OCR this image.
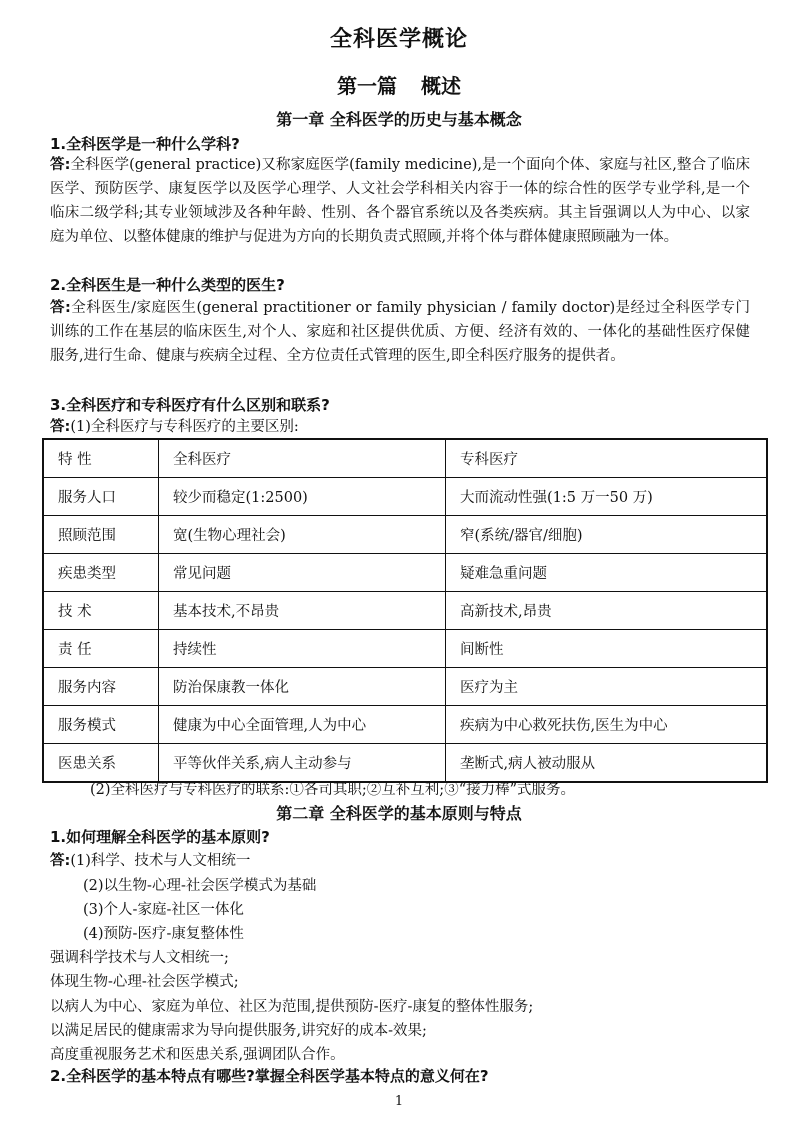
全科医学概论
第一篇 概述
第一章 全科医学的历史与基本概念
1.全科医学是一种什么学科?
答:全科医学(general practice)又称家庭医学(family medicine),是一个面向个体、家庭与社区,整合了临床医学、预防医学、康复医学以及医学心理学、人文社会学科相关内容于一体的综合性的医学专业学科,是一个临床二级学科;其专业领域涉及各种年龄、性别、各个器官系统以及各类疾病。其主旨强调以人为中心、以家庭为单位、以整体健康的维护与促进为方向的长期负责式照顾,并将个体与群体健康照顾融为一体。
2.全科医生是一种什么类型的医生?
答:全科医生/家庭医生(general practitioner or family physician / family doctor)是经过全科医学专门训练的工作在基层的临床医生,对个人、家庭和社区提供优质、方便、经济有效的、一体化的基础性医疗保健服务,进行生命、健康与疾病全过程、全方位责任式管理的医生,即全科医疗服务的提供者。
3.全科医疗和专科医疗有什么区别和联系?
答:(1)全科医疗与专科医疗的主要区别:
特 性	全科医疗	专科医疗
服务人口	较少而稳定(1:2500)	大而流动性强(1:5 万一50 万)
照顾范围	宽(生物心理社会)	窄(系统/器官/细胞)
疾患类型	常见问题	疑难急重问题
技 术	基本技术,不昂贵	高新技术,昂贵
责 任	持续性	间断性
服务内容	防治保康教一体化	医疗为主
服务模式	健康为中心全面管理,人为中心	疾病为中心救死扶伤,医生为中心
医患关系	平等伙伴关系,病人主动参与	垄断式,病人被动服从
(2)全科医疗与专科医疗的联系:①各司其职;②互补互利;③“接力棒”式服务。
第二章 全科医学的基本原则与特点
1.如何理解全科医学的基本原则?
答:(1)科学、技术与人文相统一
(2)以生物-心理-社会医学模式为基础
(3)个人-家庭-社区一体化
(4)预防-医疗-康复整体性
强调科学技术与人文相统一;
体现生物-心理-社会医学模式;
以病人为中心、家庭为单位、社区为范围,提供预防-医疗-康复的整体性服务;
以满足居民的健康需求为导向提供服务,讲究好的成本-效果;
高度重视服务艺术和医患关系,强调团队合作。
2.全科医学的基本特点有哪些?掌握全科医学基本特点的意义何在?
1
